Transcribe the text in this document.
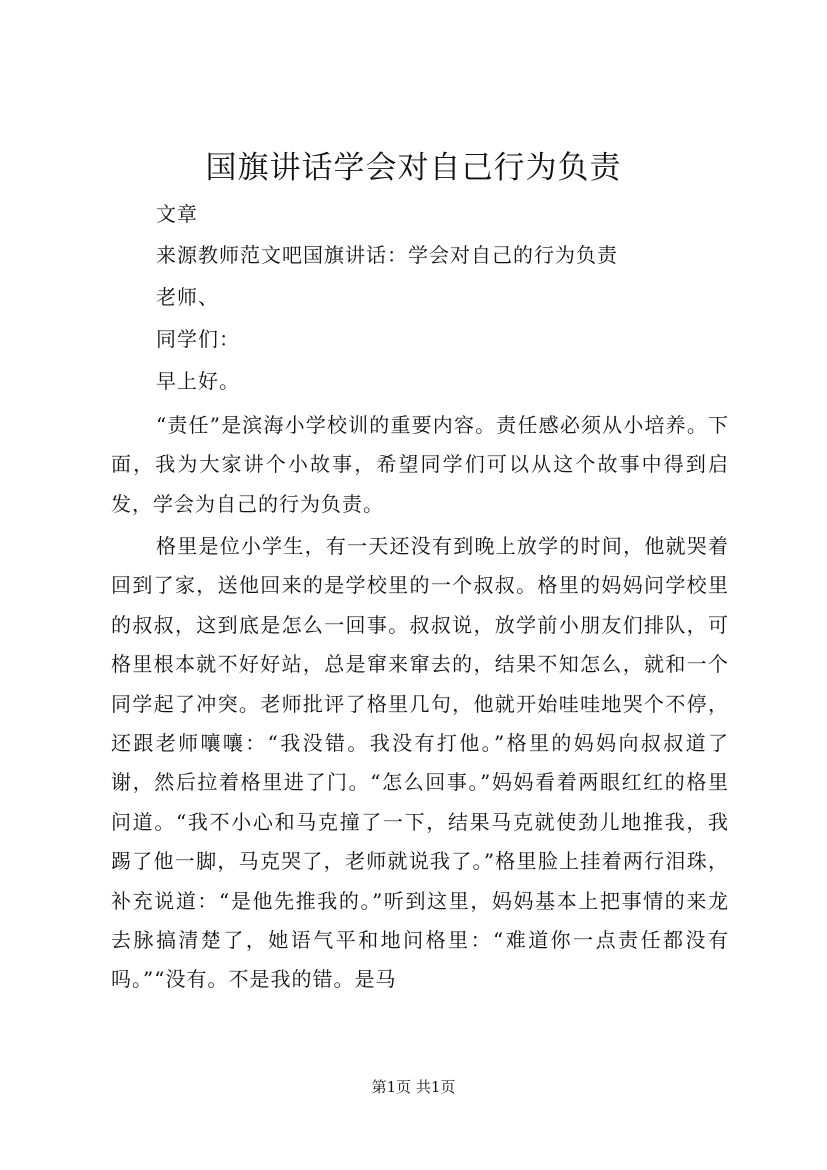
国旗讲话学会对自己行为负责

文章

来源教师范文吧国旗讲话：学会对自己的行为负责

老师、

同学们：

早上好。

“责任”是滨海小学校训的重要内容。责任感必须从小培养。下面，我为大家讲个小故事，希望同学们可以从这个故事中得到启发，学会为自己的行为负责。

格里是位小学生，有一天还没有到晚上放学的时间，他就哭着回到了家，送他回来的是学校里的一个叔叔。格里的妈妈问学校里的叔叔，这到底是怎么一回事。叔叔说，放学前小朋友们排队，可格里根本就不好好站，总是窜来窜去的，结果不知怎么，就和一个同学起了冲突。老师批评了格里几句，他就开始哇哇地哭个不停，还跟老师嚷嚷：“我没错。我没有打他。”格里的妈妈向叔叔道了谢，然后拉着格里进了门。“怎么回事。”妈妈看着两眼红红的格里问道。“我不小心和马克撞了一下，结果马克就使劲儿地推我，我踢了他一脚，马克哭了，老师就说我了。”格里脸上挂着两行泪珠，补充说道：“是他先推我的。”听到这里，妈妈基本上把事情的来龙去脉搞清楚了，她语气平和地问格里：“难道你一点责任都没有吗。”“没有。不是我的错。是马

第1页 共1页
